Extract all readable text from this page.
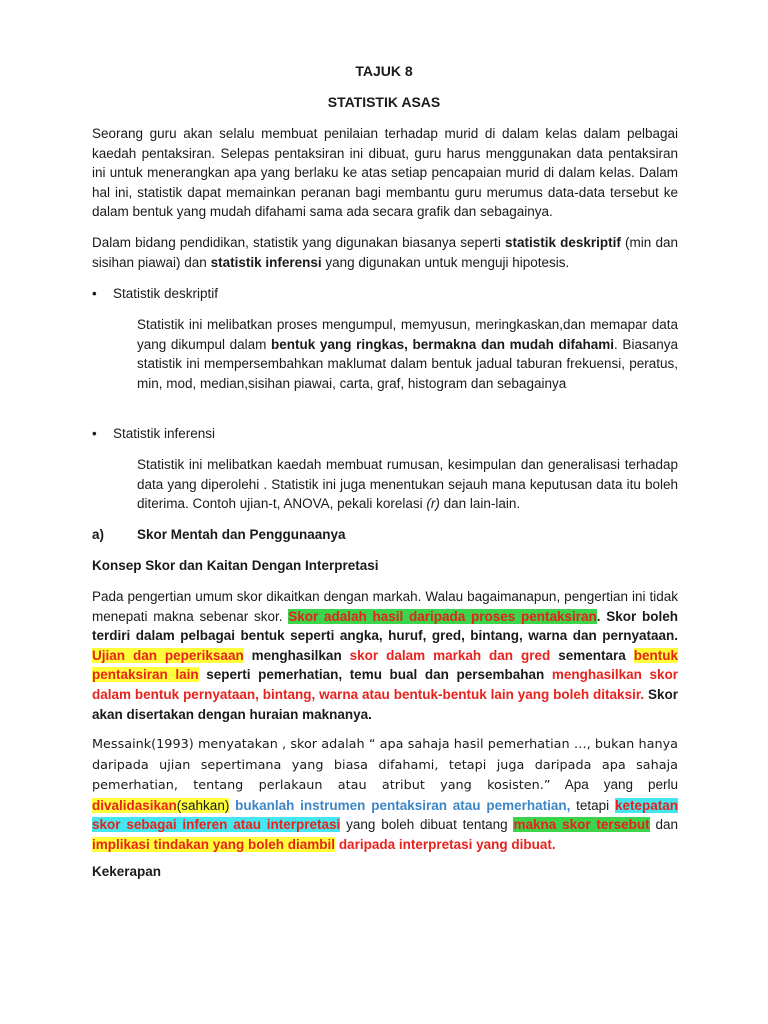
TAJUK 8
STATISTIK ASAS
Seorang guru akan selalu membuat penilaian terhadap murid di dalam kelas dalam pelbagai kaedah pentaksiran. Selepas pentaksiran ini dibuat, guru harus menggunakan data pentaksiran ini untuk menerangkan apa yang berlaku ke atas setiap pencapaian murid di dalam kelas. Dalam hal ini, statistik dapat memainkan peranan bagi membantu guru merumus data-data tersebut ke dalam bentuk yang mudah difahami sama ada secara grafik dan sebagainya.
Dalam bidang pendidikan, statistik yang digunakan biasanya seperti statistik deskriptif (min dan sisihan piawai) dan statistik inferensi yang digunakan untuk menguji hipotesis.
• Statistik deskriptif
Statistik ini melibatkan proses mengumpul, memyusun, meringkaskan,dan memapar data yang dikumpul dalam bentuk yang ringkas, bermakna dan mudah difahami. Biasanya statistik ini mempersembahkan maklumat dalam bentuk jadual taburan frekuensi, peratus, min, mod, median,sisihan piawai, carta, graf, histogram dan sebagainya
• Statistik inferensi
Statistik ini melibatkan kaedah membuat rumusan, kesimpulan dan generalisasi terhadap data yang diperolehi . Statistik ini juga menentukan sejauh mana keputusan data itu boleh diterima. Contoh ujian-t, ANOVA, pekali korelasi (r) dan lain-lain.
a) Skor Mentah dan Penggunaanya
Konsep Skor dan Kaitan Dengan Interpretasi
Pada pengertian umum skor dikaitkan dengan markah. Walau bagaimanapun, pengertian ini tidak menepati makna sebenar skor. Skor adalah hasil daripada proses pentaksiran. Skor boleh terdiri dalam pelbagai bentuk seperti angka, huruf, gred, bintang, warna dan pernyataan. Ujian dan peperiksaan menghasilkan skor dalam markah dan gred sementara bentuk pentaksiran lain seperti pemerhatian, temu bual dan persembahan menghasilkan skor dalam bentuk pernyataan, bintang, warna atau bentuk-bentuk lain yang boleh ditaksir. Skor akan disertakan dengan huraian maknanya.
Messaink(1993) menyatakan , skor adalah “ apa sahaja hasil pemerhatian …, bukan hanya daripada ujian sepertimana yang biasa difahami, tetapi juga daripada apa sahaja pemerhatian, tentang perlakaun atau atribut yang kosisten.” Apa yang perlu divalidasikan(sahkan) bukanlah instrumen pentaksiran atau pemerhatian, tetapi ketepatan skor sebagai inferen atau interpretasi yang boleh dibuat tentang makna skor tersebut dan implikasi tindakan yang boleh diambil daripada interpretasi yang dibuat.
Kekerapan
